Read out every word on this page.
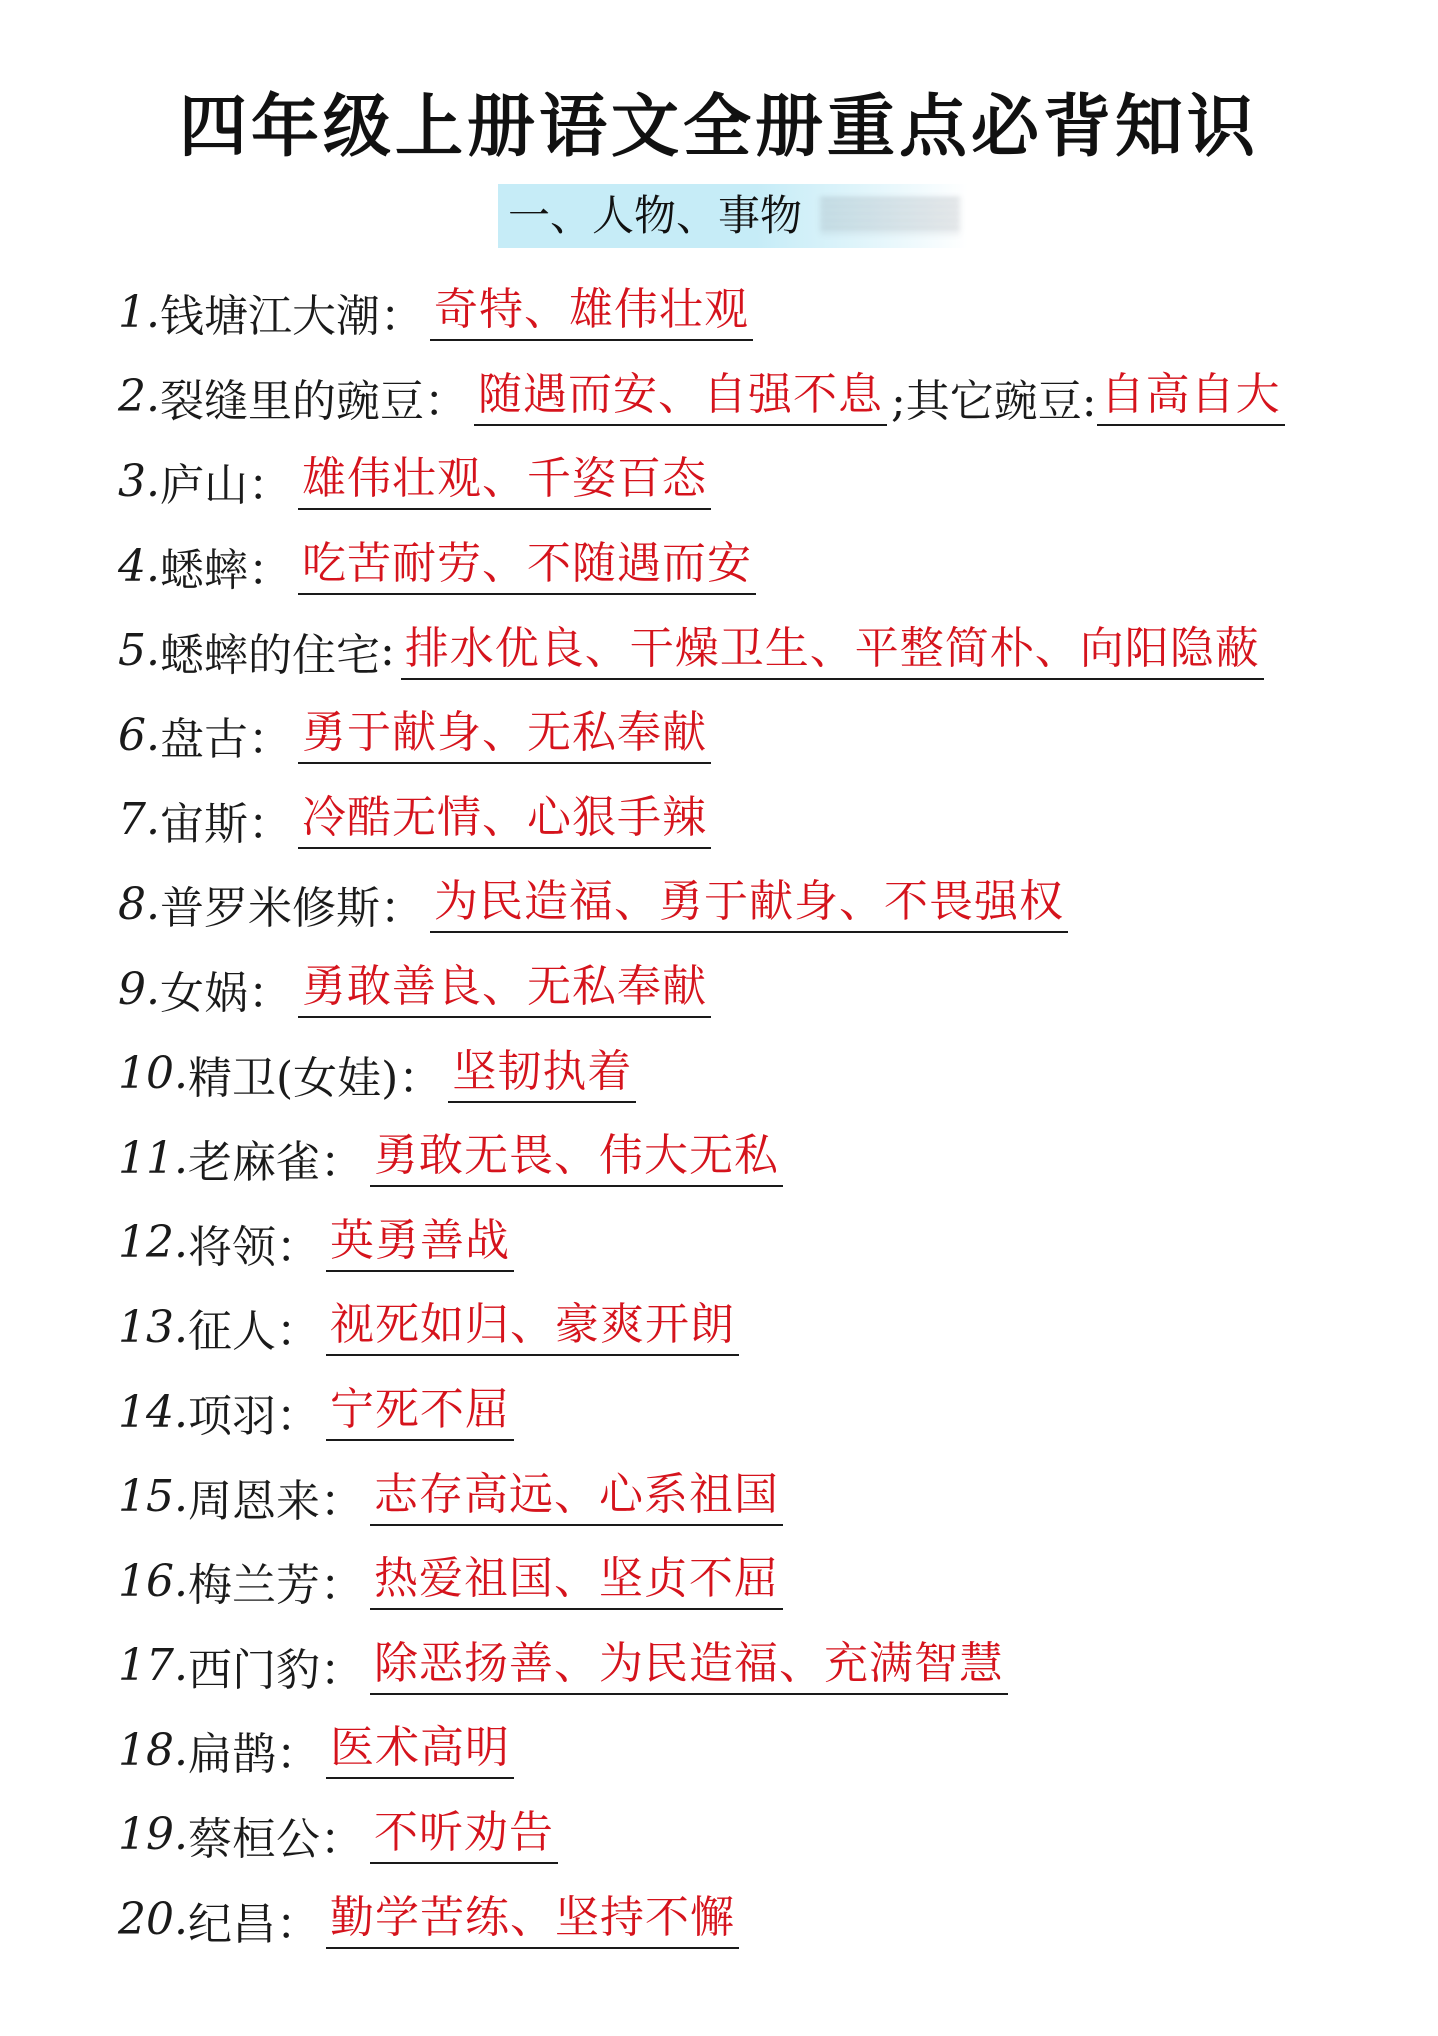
四年级上册语文全册重点必背知识
一、人物、事物
1. 钱塘江大潮 ： 奇特、雄伟壮观
2. 裂缝里的豌豆 ： 随遇而安、自强不息 ;其它豌豆: 自高自大
3. 庐山 ： 雄伟壮观、千姿百态
4. 蟋蟀 ： 吃苦耐劳、不随遇而安
5. 蟋蟀的住宅 : 排水优良、干燥卫生、平整简朴、向阳隐蔽
6. 盘古 ： 勇于献身、无私奉献
7. 宙斯 ： 冷酷无情、心狠手辣
8. 普罗米修斯 ： 为民造福、勇于献身、不畏强权
9. 女娲 ： 勇敢善良、无私奉献
10. 精卫(女娃) ： 坚韧执着
11. 老麻雀 ： 勇敢无畏、伟大无私
12. 将领 ： 英勇善战
13. 征人 ： 视死如归、豪爽开朗
14. 项羽 ： 宁死不屈
15. 周恩来 ： 志存高远、心系祖国
16. 梅兰芳 ： 热爱祖国、坚贞不屈
17. 西门豹 ： 除恶扬善、为民造福、充满智慧
18. 扁鹊 ： 医术高明
19. 蔡桓公 ： 不听劝告
20. 纪昌 ： 勤学苦练、坚持不懈
